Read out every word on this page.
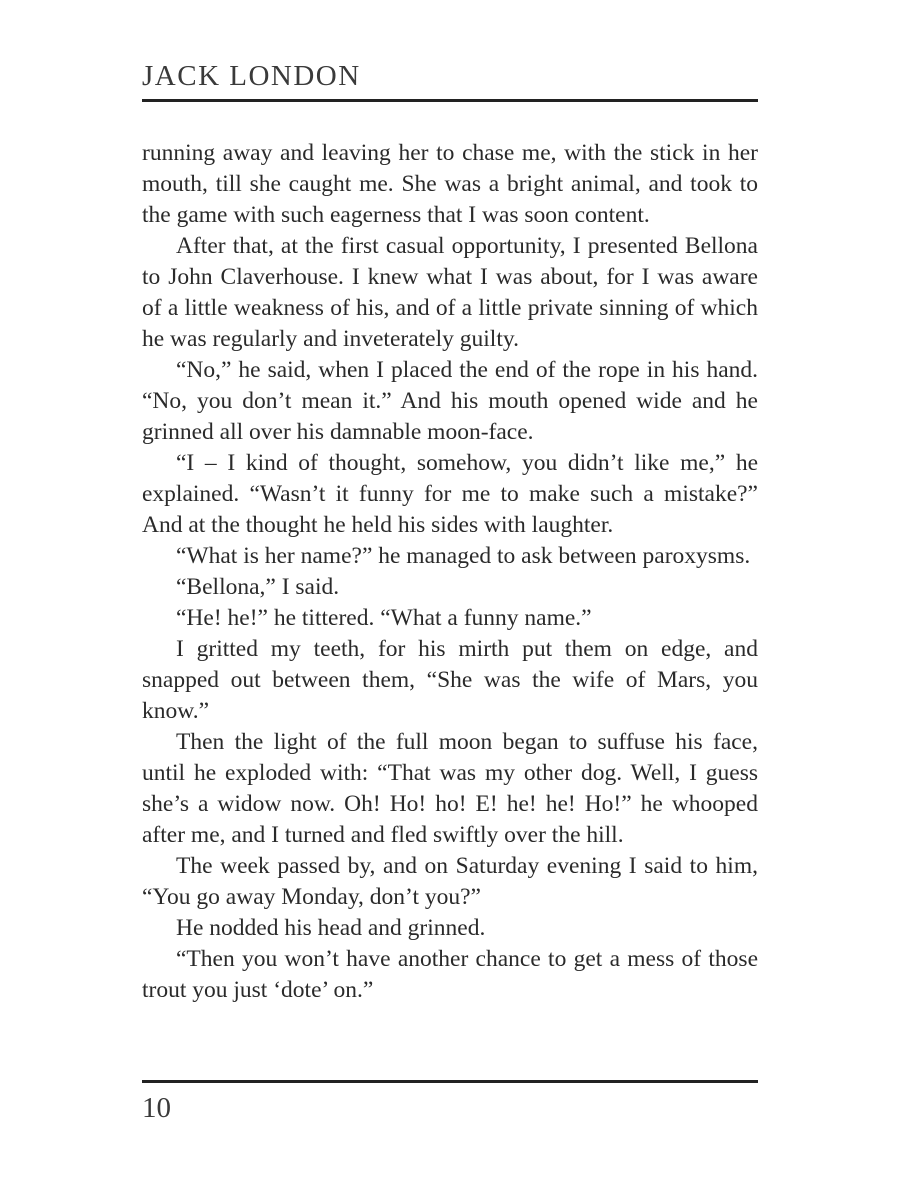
JACK LONDON

running away and leaving her to chase me, with the stick in her mouth, till she caught me. She was a bright animal, and took to the game with such eagerness that I was soon content.

After that, at the first casual opportunity, I presented Bellona to John Claverhouse. I knew what I was about, for I was aware of a little weakness of his, and of a little private sinning of which he was regularly and inveterately guilty.

“No,” he said, when I placed the end of the rope in his hand. “No, you don’t mean it.” And his mouth opened wide and he grinned all over his damnable moon-face.

“I – I kind of thought, somehow, you didn’t like me,” he explained. “Wasn’t it funny for me to make such a mistake?” And at the thought he held his sides with laughter.

“What is her name?” he managed to ask between paroxysms.

“Bellona,” I said.

“He! he!” he tittered. “What a funny name.”

I gritted my teeth, for his mirth put them on edge, and snapped out between them, “She was the wife of Mars, you know.”

Then the light of the full moon began to suffuse his face, until he exploded with: “That was my other dog. Well, I guess she’s a widow now. Oh! Ho! ho! E! he! he! Ho!” he whooped after me, and I turned and fled swiftly over the hill.

The week passed by, and on Saturday evening I said to him, “You go away Monday, don’t you?”

He nodded his head and grinned.

“Then you won’t have another chance to get a mess of those trout you just ‘dote’ on.”

10
